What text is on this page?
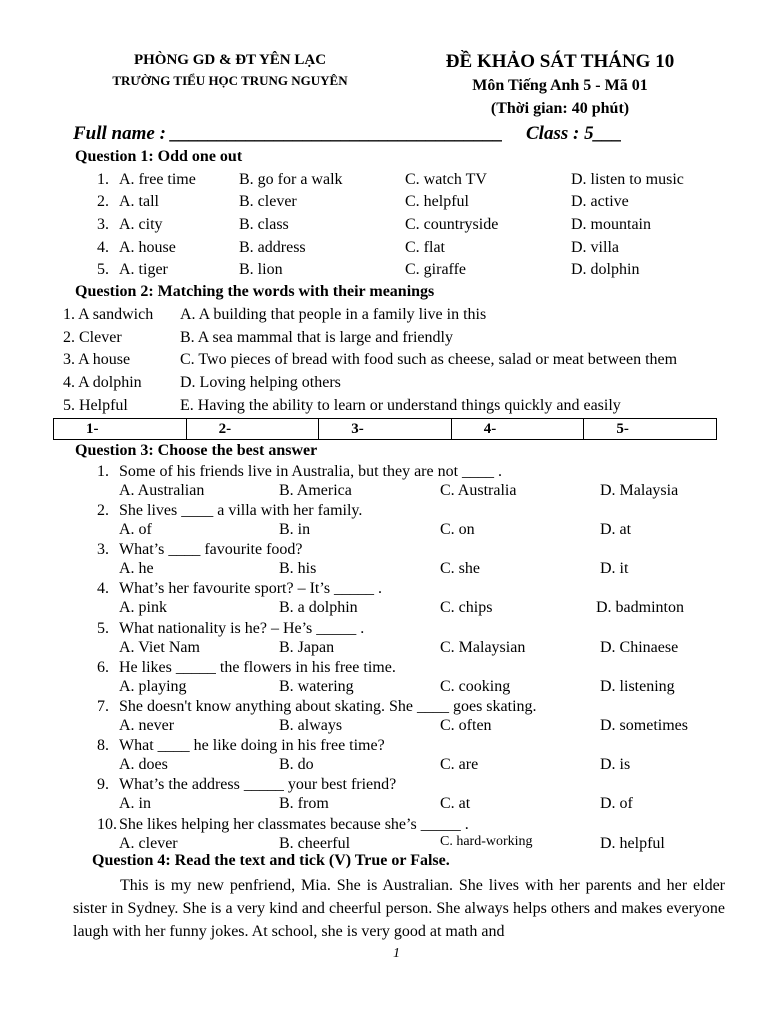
PHÒNG GD & ĐT YÊN LẠC
TRƯỜNG TIỂU HỌC TRUNG NGUYÊN
ĐỀ KHẢO SÁT THÁNG 10
Môn Tiếng Anh 5 - Mã 01
(Thời gian: 40 phút)
Full name : ___________________________________ Class : 5___
Question 1: Odd one out
1. A. free time	B. go for a walk	C. watch TV	D. listen to music
2. A. tall	B. clever	C. helpful	D. active
3. A. city	B. class	C. countryside	D. mountain
4. A. house	B. address	C. flat	D. villa
5. A. tiger	B. lion	C. giraffe	D. dolphin
Question 2: Matching the words with their meanings
1. A sandwich A. A building that people in a family live in this
2. Clever	B. A sea mammal that is large and friendly
3. A house	C. Two pieces of bread with food such as cheese, salad or meat between them
4. A dolphin D. Loving helping others
5. Helpful	E. Having the ability to learn or understand things quickly and easily
1-	2-	3-	4-	5-
Question 3: Choose the best answer
1. Some of his friends live in Australia, but they are not ____ .
A. Australian	B. America	C. Australia	D. Malaysia
2. She lives ____ a villa with her family.
A. of	B. in	C. on	D. at
3. What’s ____ favourite food?
A. he	B. his	C. she	D. it
4. What’s her favourite sport? – It’s _____ .
A. pink	B. a dolphin	C. chips	D. badminton
5. What nationality is he? – He’s _____ .
A. Viet Nam	B. Japan	C. Malaysian	D. Chinaese
6. He likes _____ the flowers in his free time.
A. playing	B. watering	C. cooking	D. listening
7. She doesn't know anything about skating. She ____ goes skating.
A. never	B. always	C. often	D. sometimes
8. What ____ he like doing in his free time?
A. does	B. do	C. are	D. is
9. What’s the address _____ your best friend?
A. in	B. from	C. at	D. of
10. She likes helping her classmates because she’s _____ .
A. clever	B. cheerful	C. hard-working	D. helpful
Question 4: Read the text and tick (V) True or False.
This is my new penfriend, Mia. She is Australian. She lives with her parents and her elder sister in Sydney. She is a very kind and cheerful person. She always helps others and makes everyone laugh with her funny jokes. At school, she is very good at math and
1
